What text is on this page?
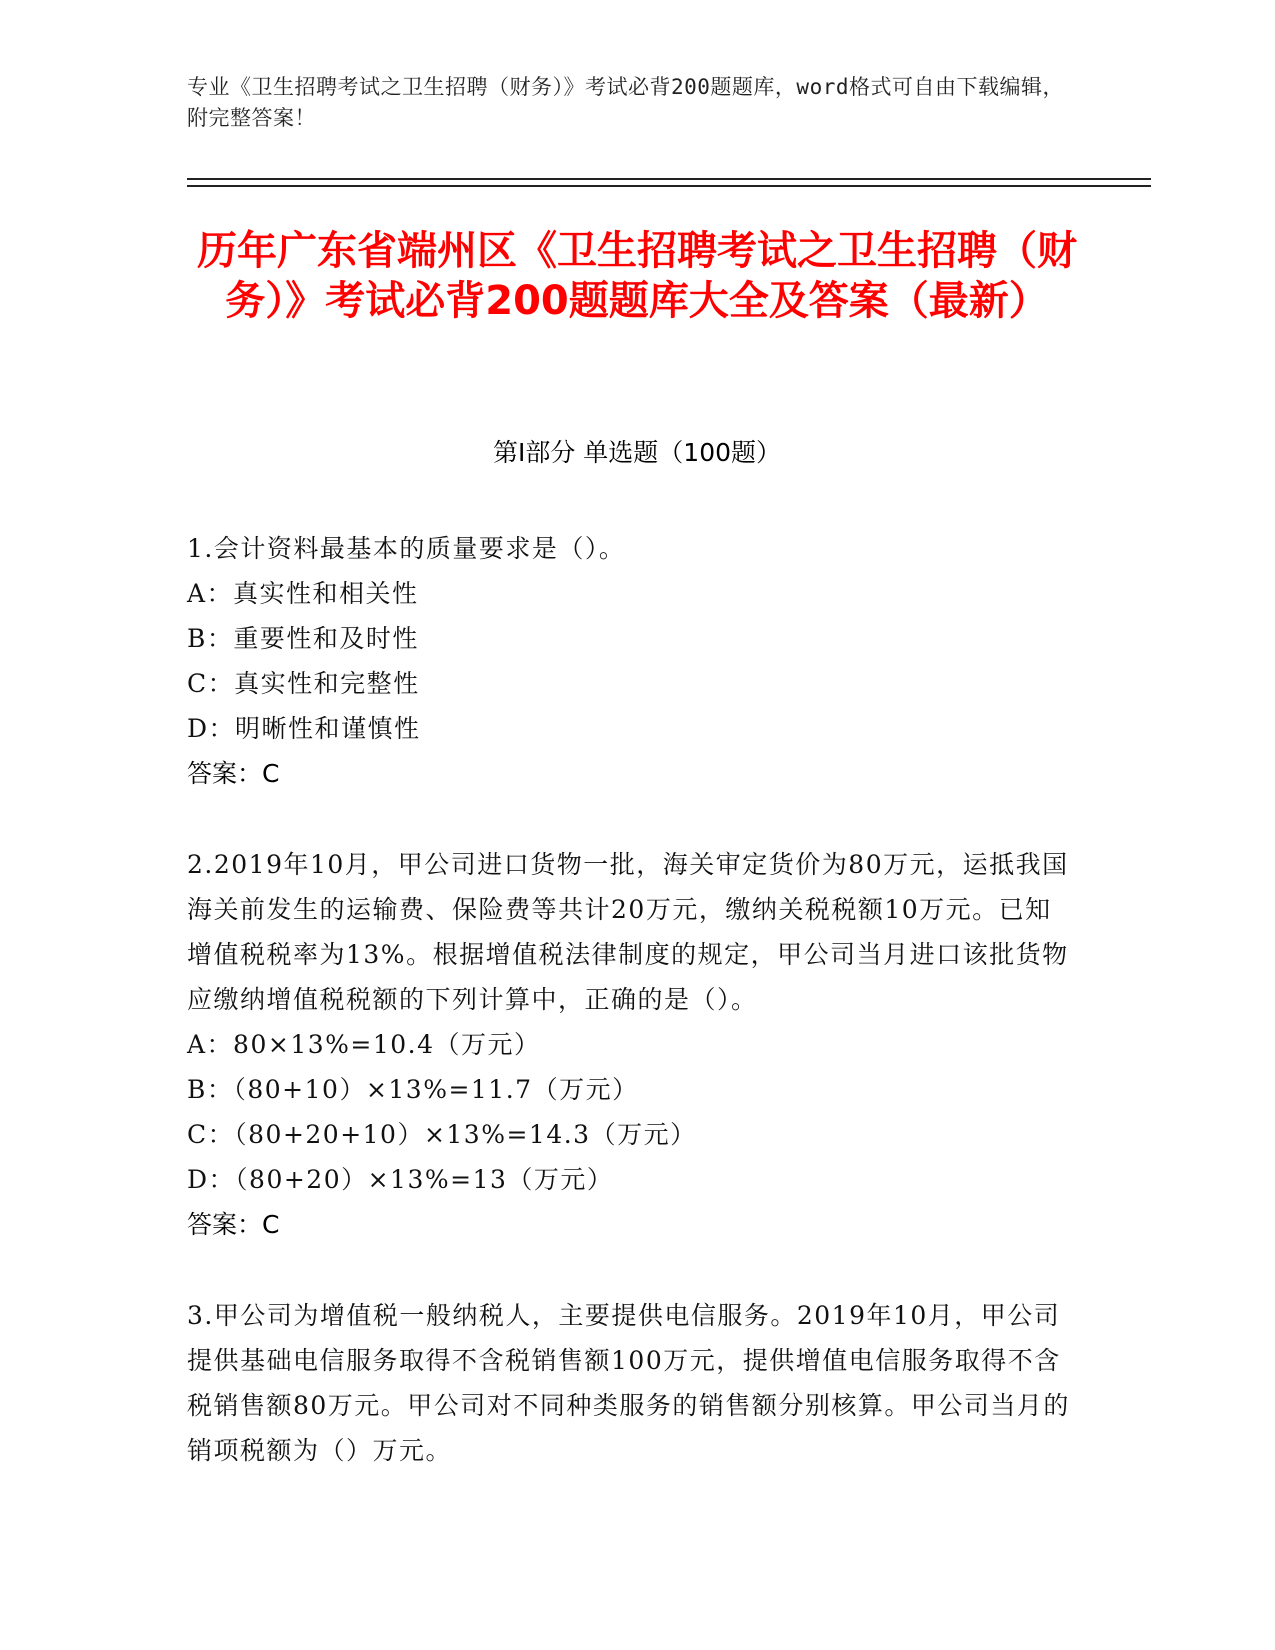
专业《卫生招聘考试之卫生招聘（财务）》考试必背200题题库，word格式可自由下载编辑，附完整答案！
历年广东省端州区《卫生招聘考试之卫生招聘（财务）》考试必背200题题库大全及答案（最新）
第I部分 单选题（100题）
1.会计资料最基本的质量要求是（）。
A：真实性和相关性
B：重要性和及时性
C：真实性和完整性
D：明晰性和谨慎性
答案：C
2.2019年10月，甲公司进口货物一批，海关审定货价为80万元，运抵我国海关前发生的运输费、保险费等共计20万元，缴纳关税税额10万元。已知增值税税率为13%。根据增值税法律制度的规定，甲公司当月进口该批货物应缴纳增值税税额的下列计算中，正确的是（）。
A：80×13%=10.4（万元）
B：（80+10）×13%=11.7（万元）
C：（80+20+10）×13%=14.3（万元）
D：（80+20）×13%=13（万元）
答案：C
3.甲公司为增值税一般纳税人，主要提供电信服务。2019年10月，甲公司提供基础电信服务取得不含税销售额100万元，提供增值电信服务取得不含税销售额80万元。甲公司对不同种类服务的销售额分别核算。甲公司当月的销项税额为（）万元。
